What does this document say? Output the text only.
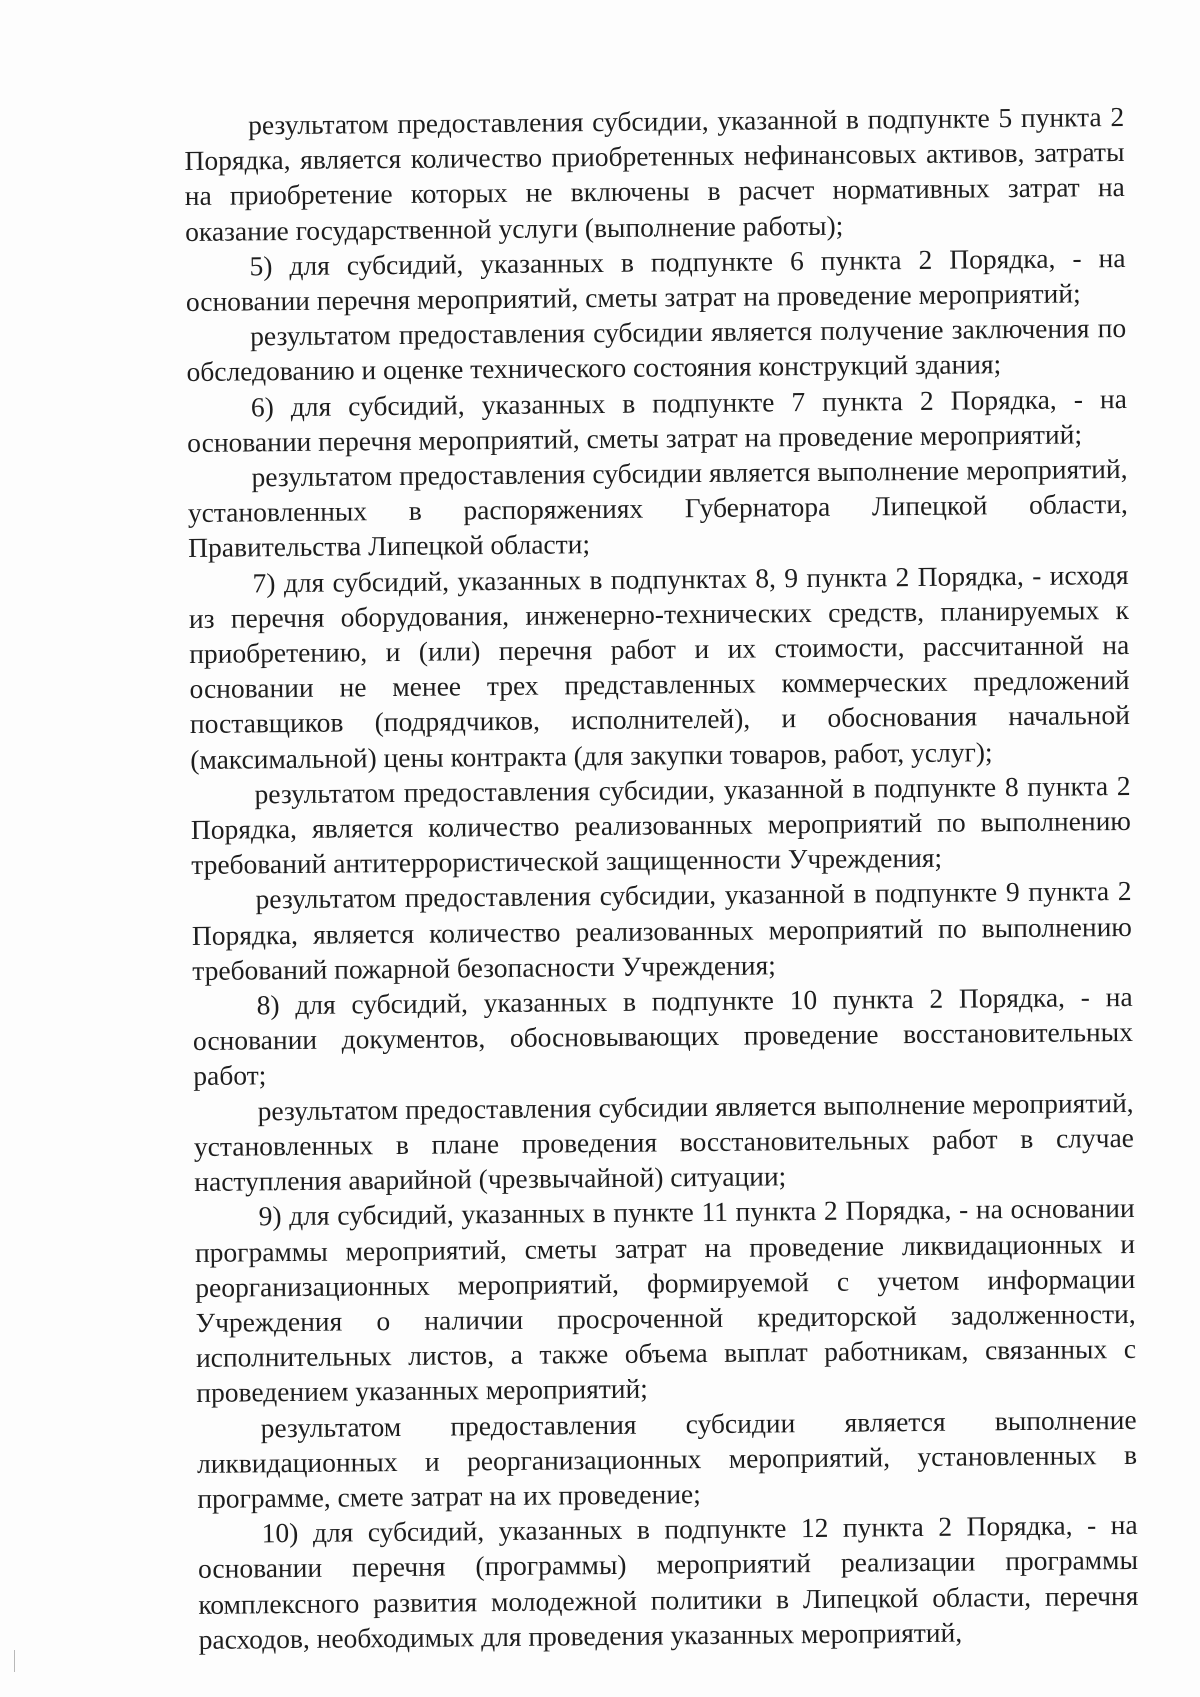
результатом предоставления субсидии, указанной в подпункте 5 пункта 2 Порядка, является количество приобретенных нефинансовых активов, затраты на приобретение которых не включены в расчет нормативных затрат на оказание государственной услуги (выполнение работы);

5) для субсидий, указанных в подпункте 6 пункта 2 Порядка, - на основании перечня мероприятий, сметы затрат на проведение мероприятий;

результатом предоставления субсидии является получение заключения по обследованию и оценке технического состояния конструкций здания;

6) для субсидий, указанных в подпункте 7 пункта 2 Порядка, - на основании перечня мероприятий, сметы затрат на проведение мероприятий;

результатом предоставления субсидии является выполнение мероприятий, установленных в распоряжениях Губернатора Липецкой области, Правительства Липецкой области;

7) для субсидий, указанных в подпунктах 8, 9 пункта 2 Порядка, - исходя из перечня оборудования, инженерно-технических средств, планируемых к приобретению, и (или) перечня работ и их стоимости, рассчитанной на основании не менее трех представленных коммерческих предложений поставщиков (подрядчиков, исполнителей), и обоснования начальной (максимальной) цены контракта (для закупки товаров, работ, услуг);

результатом предоставления субсидии, указанной в подпункте 8 пункта 2 Порядка, является количество реализованных мероприятий по выполнению требований антитеррористической защищенности Учреждения;

результатом предоставления субсидии, указанной в подпункте 9 пункта 2 Порядка, является количество реализованных мероприятий по выполнению требований пожарной безопасности Учреждения;

8) для субсидий, указанных в подпункте 10 пункта 2 Порядка, - на основании документов, обосновывающих проведение восстановительных работ;

результатом предоставления субсидии является выполнение мероприятий, установленных в плане проведения восстановительных работ в случае наступления аварийной (чрезвычайной) ситуации;

9) для субсидий, указанных в пункте 11 пункта 2 Порядка, - на основании программы мероприятий, сметы затрат на проведение ликвидационных и реорганизационных мероприятий, формируемой с учетом информации Учреждения о наличии просроченной кредиторской задолженности, исполнительных листов, а также объема выплат работникам, связанных с проведением указанных мероприятий;

результатом предоставления субсидии является выполнение ликвидационных и реорганизационных мероприятий, установленных в программе, смете затрат на их проведение;

10) для субсидий, указанных в подпункте 12 пункта 2 Порядка, - на основании перечня (программы) мероприятий реализации программы комплексного развития молодежной политики в Липецкой области, перечня расходов, необходимых для проведения указанных мероприятий,
